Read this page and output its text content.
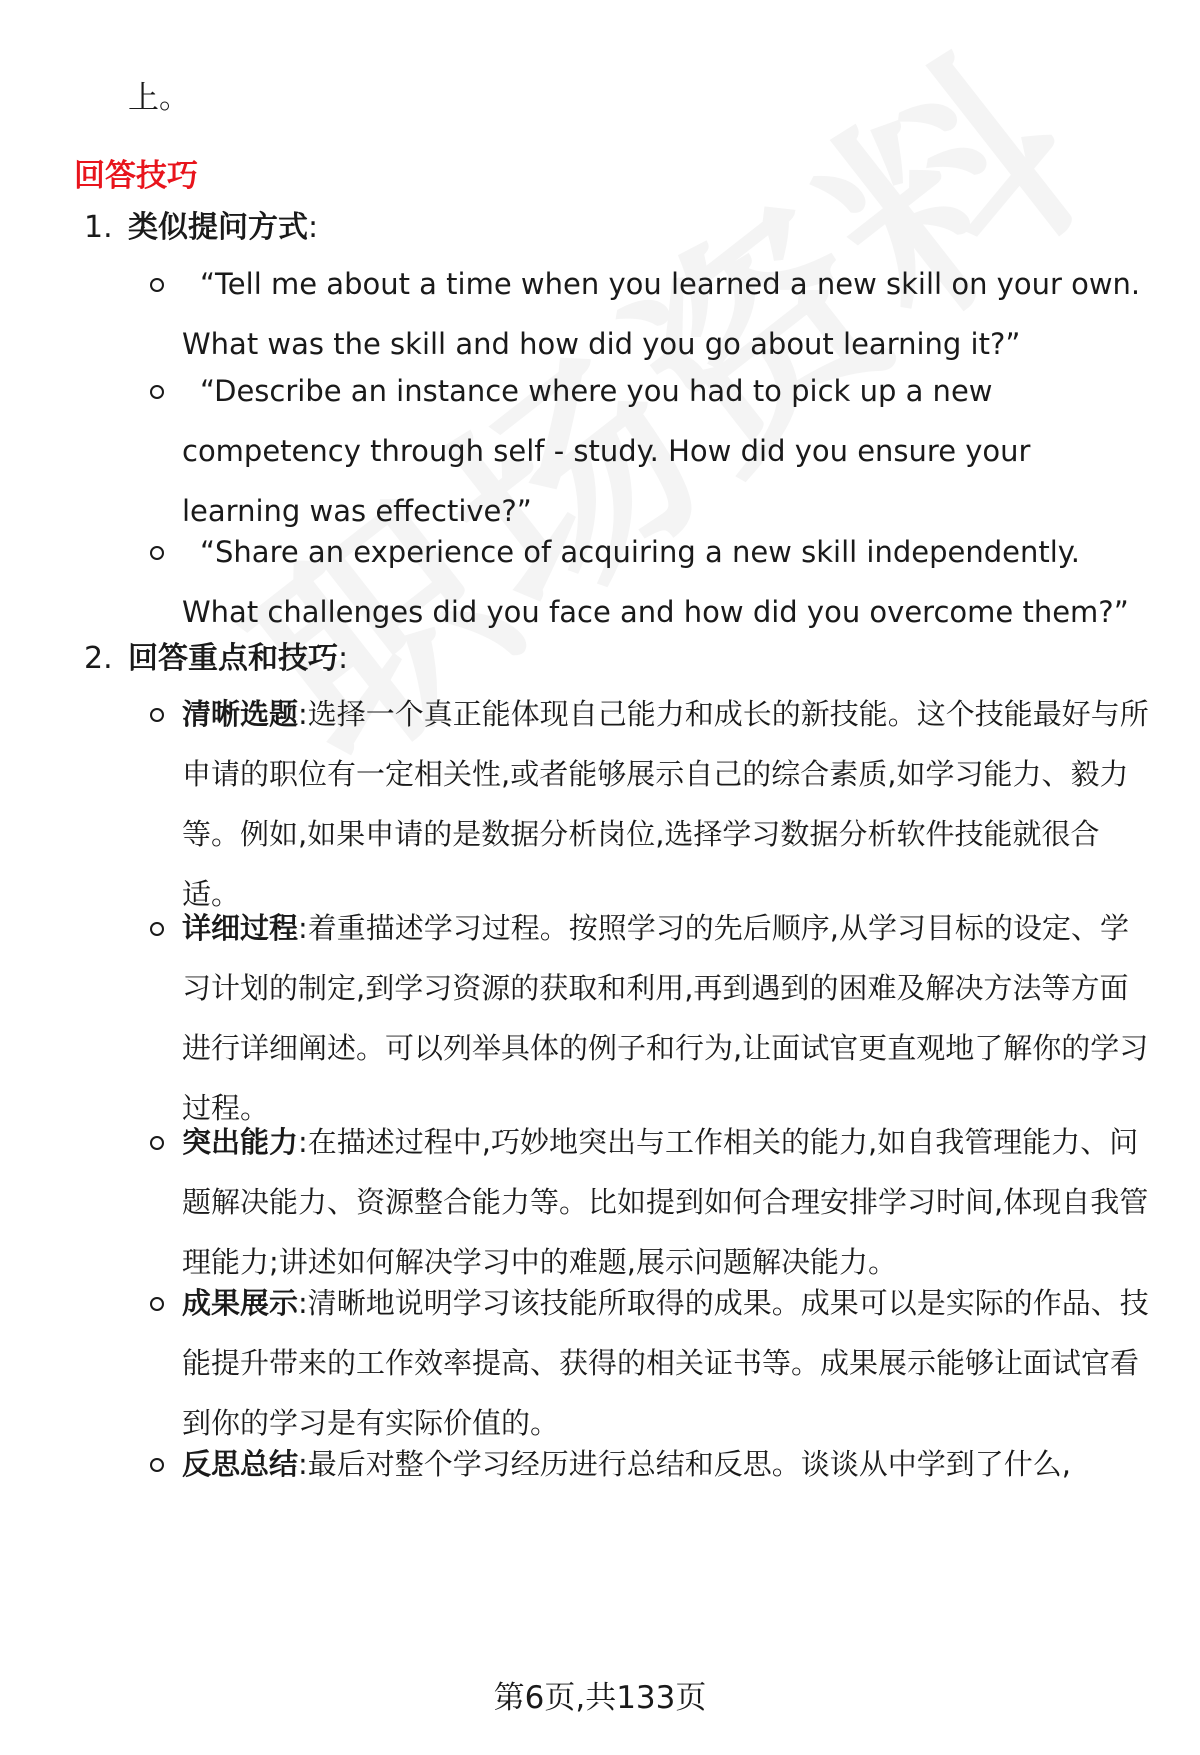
上。
回答技巧
1. 类似提问方式:
“Tell me about a time when you learned a new skill on your own. What was the skill and how did you go about learning it?”
“Describe an instance where you had to pick up a new competency through self - study. How did you ensure your learning was effective?”
“Share an experience of acquiring a new skill independently. What challenges did you face and how did you overcome them?”
2. 回答重点和技巧:
清晰选题:选择一个真正能体现自己能力和成长的新技能。这个技能最好与所申请的职位有一定相关性,或者能够展示自己的综合素质,如学习能力、毅力等。例如,如果申请的是数据分析岗位,选择学习数据分析软件技能就很合适。
详细过程:着重描述学习过程。按照学习的先后顺序,从学习目标的设定、学习计划的制定,到学习资源的获取和利用,再到遇到的困难及解决方法等方面进行详细阐述。可以列举具体的例子和行为,让面试官更直观地了解你的学习过程。
突出能力:在描述过程中,巧妙地突出与工作相关的能力,如自我管理能力、问题解决能力、资源整合能力等。比如提到如何合理安排学习时间,体现自我管理能力;讲述如何解决学习中的难题,展示问题解决能力。
成果展示:清晰地说明学习该技能所取得的成果。成果可以是实际的作品、技能提升带来的工作效率提高、获得的相关证书等。成果展示能够让面试官看到你的学习是有实际价值的。
反思总结:最后对整个学习经历进行总结和反思。谈谈从中学到了什么,
第6页,共133页
